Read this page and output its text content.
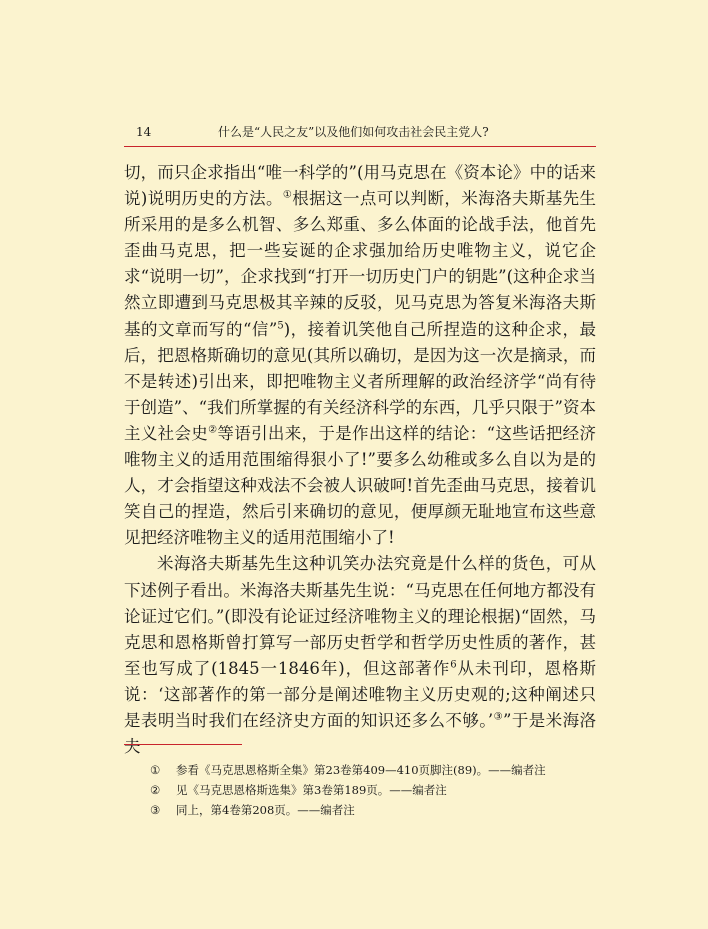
14	什么是“人民之友”以及他们如何攻击社会民主党人?

切，而只企求指出“唯一科学的”(用马克思在《资本论》中的话来说)说明历史的方法。①根据这一点可以判断，米海洛夫斯基先生所采用的是多么机智、多么郑重、多么体面的论战手法，他首先歪曲马克思，把一些妄诞的企求强加给历史唯物主义，说它企求“说明一切”，企求找到“打开一切历史门户的钥匙”(这种企求当然立即遭到马克思极其辛辣的反驳，见马克思为答复米海洛夫斯基的文章而写的“信”$^5$)，接着讥笑他自己所捏造的这种企求，最后，把恩格斯确切的意见(其所以确切，是因为这一次是摘录，而不是转述)引出来，即把唯物主义者所理解的政治经济学“尚有待于创造”、“我们所掌握的有关经济科学的东西，几乎只限于”资本主义社会史②等语引出来，于是作出这样的结论：“这些话把经济唯物主义的适用范围缩得狠小了!”要多么幼稚或多么自以为是的人，才会指望这种戏法不会被人识破呵!首先歪曲马克思，接着讥笑自己的捏造，然后引来确切的意见，便厚颜无耻地宣布这些意见把经济唯物主义的适用范围缩小了!

米海洛夫斯基先生这种讥笑办法究竟是什么样的货色，可从下述例子看出。米海洛夫斯基先生说：“马克思在任何地方都没有论证过它们。”(即没有论证过经济唯物主义的理论根据)“固然，马克思和恩格斯曾打算写一部历史哲学和哲学历史性质的著作，甚至也写成了(1845一1846年)，但这部著作$^6$从未刊印，恩格斯说：‘这部著作的第一部分是阐述唯物主义历史观的;这种阐述只是表明当时我们在经济史方面的知识还多么不够。’③”于是米海洛夫

① 参看《马克思恩格斯全集》第23卷第409—410页脚注(89)。——编者注
② 见《马克思恩格斯选集》第3卷第189页。——编者注
③ 同上，第4卷第208页。——编者注
